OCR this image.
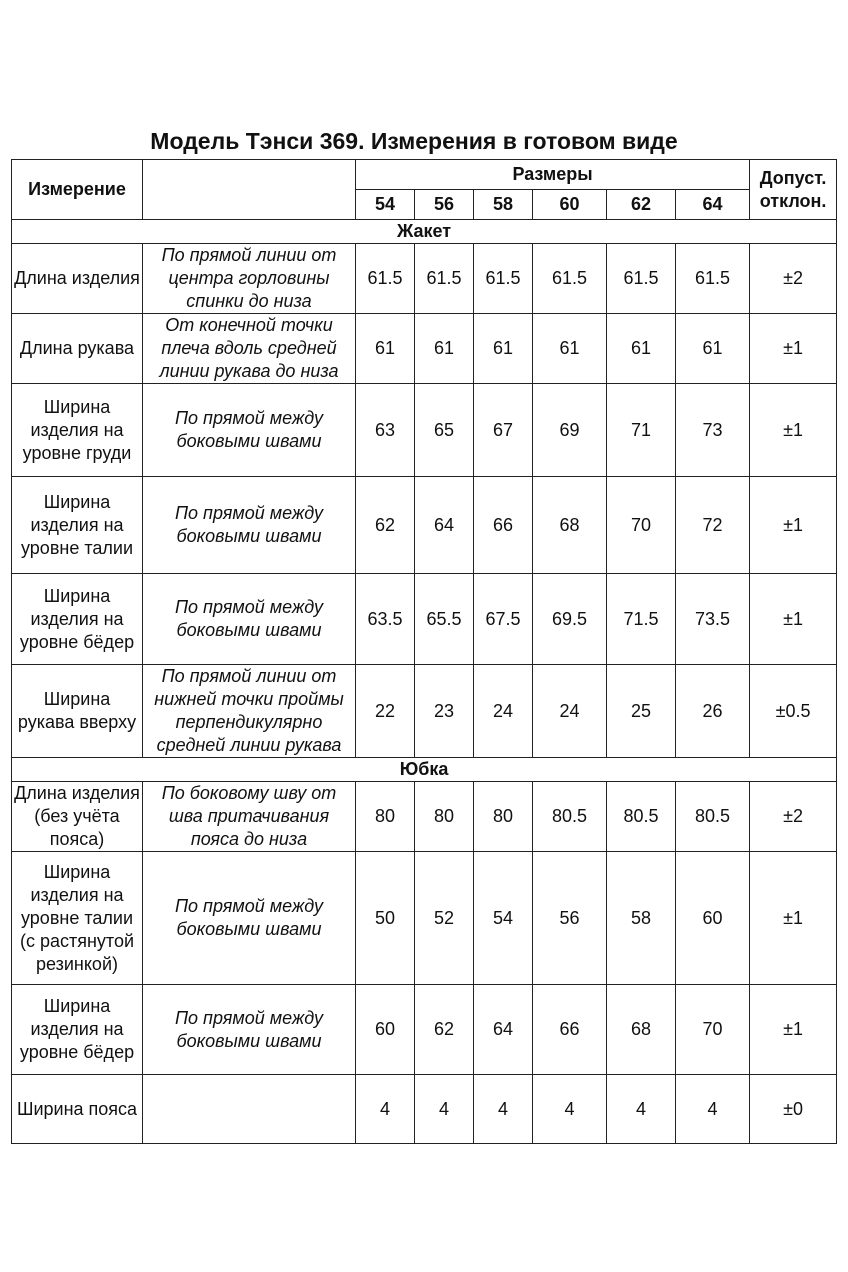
Модель Тэнси 369. Измерения в готовом виде
Измерение		Размеры						Допуст. отклон.
		54	56	58	60	62	64	
Жакет								
Длина изделия	По прямой линии от центра горловины спинки до низа	61.5	61.5	61.5	61.5	61.5	61.5	±2
Длина рукава	От конечной точки плеча вдоль средней линии рукава до низа	61	61	61	61	61	61	±1
Ширина изделия на уровне груди	По прямой между боковыми швами	63	65	67	69	71	73	±1
Ширина изделия на уровне талии	По прямой между боковыми швами	62	64	66	68	70	72	±1
Ширина изделия на уровне бёдер	По прямой между боковыми швами	63.5	65.5	67.5	69.5	71.5	73.5	±1
Ширина рукава вверху	По прямой линии от нижней точки проймы перпендикулярно средней линии рукава	22	23	24	24	25	26	±0.5
Юбка								
Длина изделия (без учёта пояса)	По боковому шву от шва притачивания пояса до низа	80	80	80	80.5	80.5	80.5	±2
Ширина изделия на уровне талии (с растянутой резинкой)	По прямой между боковыми швами	50	52	54	56	58	60	±1
Ширина изделия на уровне бёдер	По прямой между боковыми швами	60	62	64	66	68	70	±1
Ширина пояса		4	4	4	4	4	4	±0
